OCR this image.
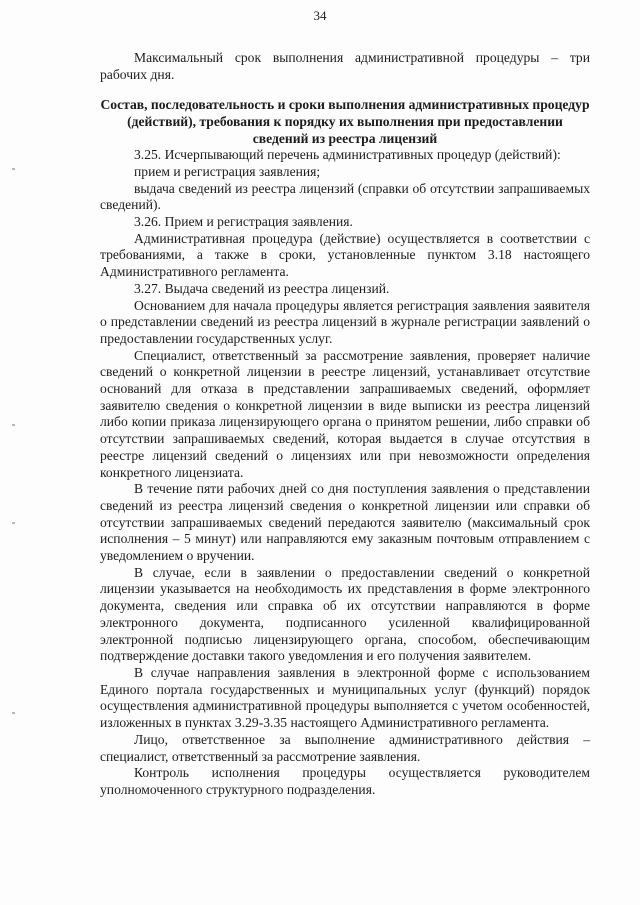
34

Максимальный срок выполнения административной процедуры – три рабочих дня.

Состав, последовательность и сроки выполнения административных процедур (действий), требования к порядку их выполнения при предоставлении сведений из реестра лицензий

3.25. Исчерпывающий перечень административных процедур (действий):

прием и регистрация заявления;

выдача сведений из реестра лицензий (справки об отсутствии запрашиваемых сведений).

3.26. Прием и регистрация заявления.

Административная процедура (действие) осуществляется в соответствии с требованиями, а также в сроки, установленные пунктом 3.18 настоящего Административного регламента.

3.27. Выдача сведений из реестра лицензий.

Основанием для начала процедуры является регистрация заявления заявителя о представлении сведений из реестра лицензий в журнале регистрации заявлений о предоставлении государственных услуг.

Специалист, ответственный за рассмотрение заявления, проверяет наличие сведений о конкретной лицензии в реестре лицензий, устанавливает отсутствие оснований для отказа в представлении запрашиваемых сведений, оформляет заявителю сведения о конкретной лицензии в виде выписки из реестра лицензий либо копии приказа лицензирующего органа о принятом решении, либо справки об отсутствии запрашиваемых сведений, которая выдается в случае отсутствия в реестре лицензий сведений о лицензиях или при невозможности определения конкретного лицензиата.

В течение пяти рабочих дней со дня поступления заявления о представлении сведений из реестра лицензий сведения о конкретной лицензии или справки об отсутствии запрашиваемых сведений передаются заявителю (максимальный срок исполнения – 5 минут) или направляются ему заказным почтовым отправлением с уведомлением о вручении.

В случае, если в заявлении о предоставлении сведений о конкретной лицензии указывается на необходимость их представления в форме электронного документа, сведения или справка об их отсутствии направляются в форме электронного документа, подписанного усиленной квалифицированной электронной подписью лицензирующего органа, способом, обеспечивающим подтверждение доставки такого уведомления и его получения заявителем.

В случае направления заявления в электронной форме с использованием Единого портала государственных и муниципальных услуг (функций) порядок осуществления административной процедуры выполняется с учетом особенностей, изложенных в пунктах 3.29-3.35 настоящего Административного регламента.

Лицо, ответственное за выполнение административного действия – специалист, ответственный за рассмотрение заявления.

Контроль исполнения процедуры осуществляется руководителем уполномоченного структурного подразделения.
